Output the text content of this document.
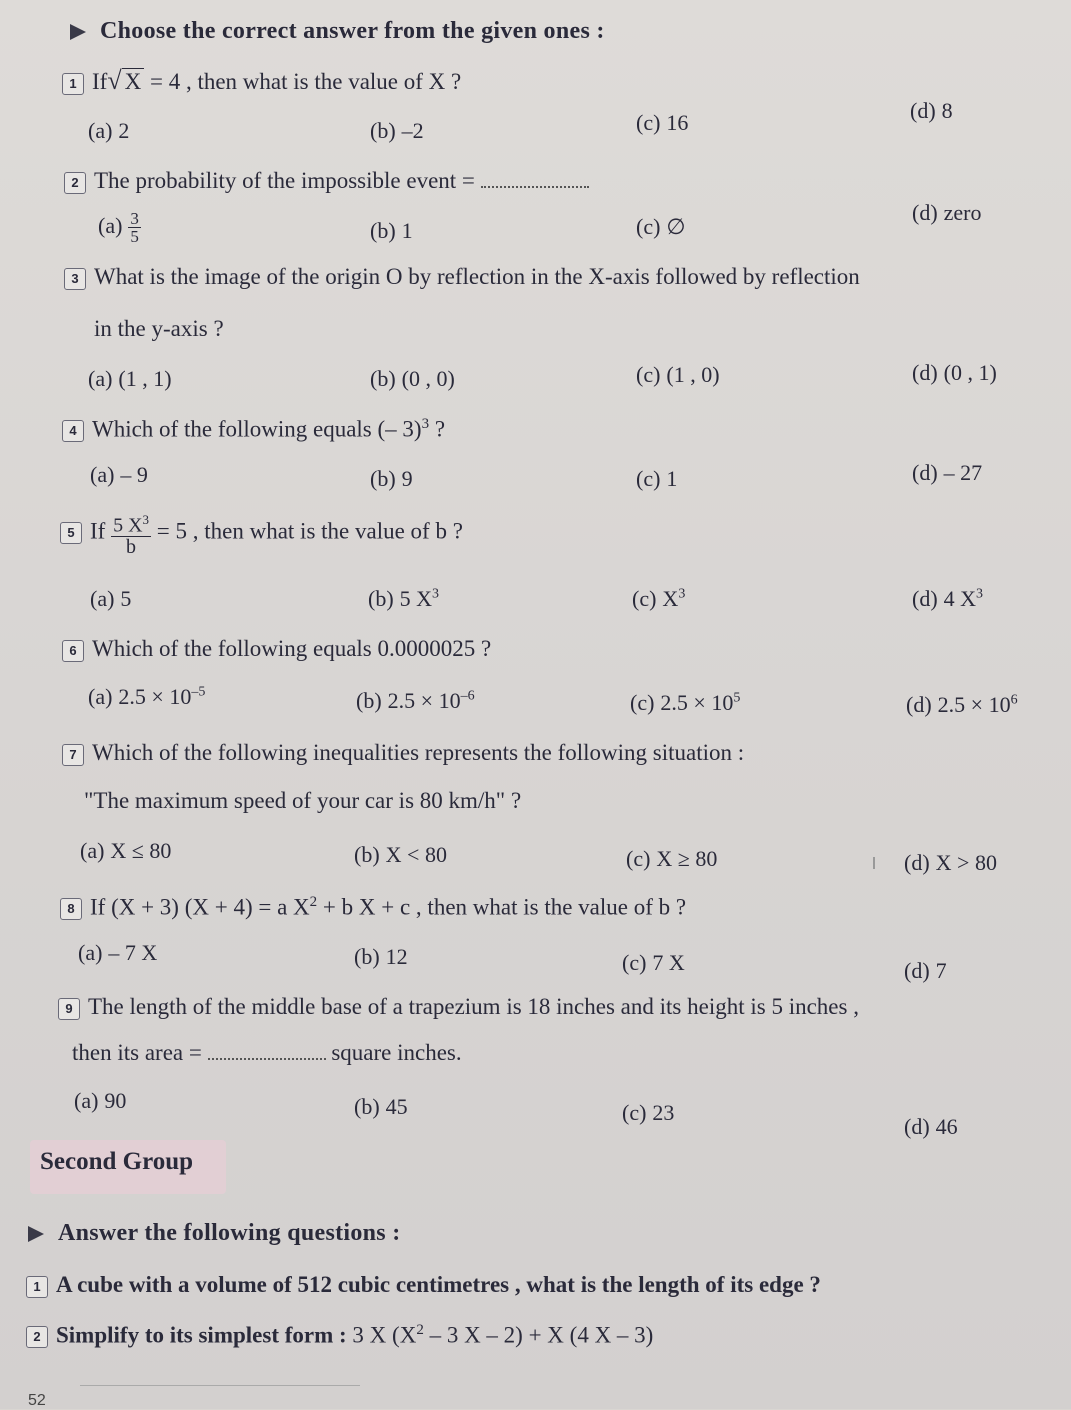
Choose the correct answer from the given ones :
1 If√ X = 4 , then what is the value of X ?
(a) 2	(b) –2	(c) 16	(d) 8
2 The probability of the impossible event =
$(a) \frac{3}{5}$	(b) 1	(c) ∅
(d) zero
3 What is the image of the origin O by reflection in the X-axis followed by reflection
in the y-axis ?
(a) (1 , 1)	(b) (0 , 0)	(c) (1 , 0)	(d) (0 , 1)
4 Which of the following equals (– 3)$^3$ ?
(a) – 9	(b) 9	(c) 1	(d) – 27
5 If $\frac{5 X^3}{b} = 5$ , then what is the value of b ?
(a) 5	(b) 5 $X^3$	(c) $X^3$	(d) 4 $X^3$
6 Which of the following equals 0.0000025 ?
(a) $2.5 \times 10^{-5}$	(b) $2.5 \times 10^{-6}$	(c) $2.5 \times 10^5$	(d) $2.5 \times 10^6$
7 Which of the following inequalities represents the following situation :
"The maximum speed of your car is 80 km/h" ?
(a) X ≤ 80	(b) X < 80	(c) X ≥ 80	(d) X > 80
8 If (X + 3) (X + 4) = a $X^2 + b$ X + c , then what is the value of b ?
(a) – 7 X	(b) 12	(c) 7 X	(d) 7
9 The length of the middle base of a trapezium is 18 inches and its height is 5 inches ,
then its area =	square inches.
(a) 90	(b) 45	(c) 23
(d) 46
Second Group
Answer the following questions :
1 A cube with a volume of 512 cubic centimetres , what is the length of its edge ?
2 Simplify to its simplest form : 3 X ($X^2 - 3$ X – 2) + X (4 X – 3)
52
